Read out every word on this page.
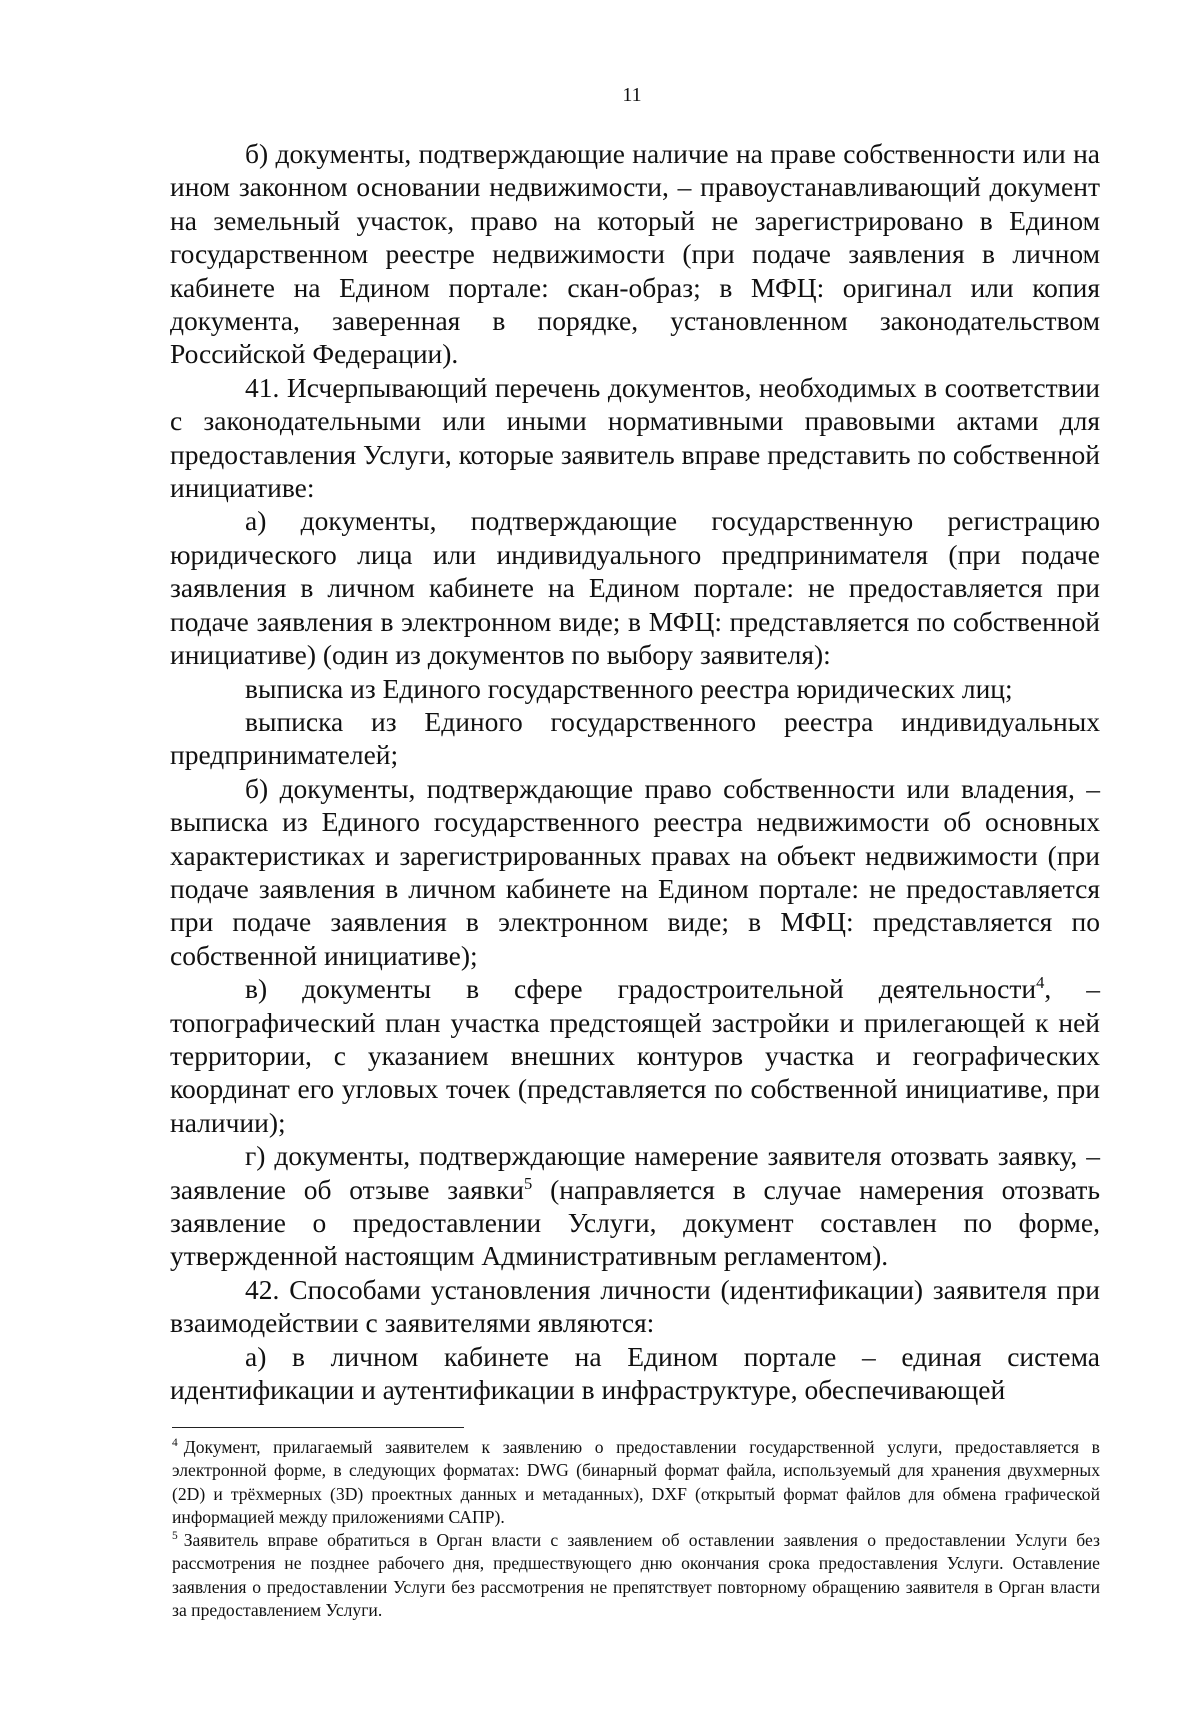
11

б) документы, подтверждающие наличие на праве собственности или на ином законном основании недвижимости, – правоустанавливающий документ на земельный участок, право на который не зарегистрировано в Едином государственном реестре недвижимости (при подаче заявления в личном кабинете на Едином портале: скан-образ; в МФЦ: оригинал или копия документа, заверенная в порядке, установленном законодательством Российской Федерации).

41. Исчерпывающий перечень документов, необходимых в соответствии с законодательными или иными нормативными правовыми актами для предоставления Услуги, которые заявитель вправе представить по собственной инициативе:

а) документы, подтверждающие государственную регистрацию юридического лица или индивидуального предпринимателя (при подаче заявления в личном кабинете на Едином портале: не предоставляется при подаче заявления в электронном виде; в МФЦ: представляется по собственной инициативе) (один из документов по выбору заявителя):

выписка из Единого государственного реестра юридических лиц;

выписка из Единого государственного реестра индивидуальных предпринимателей;

б) документы, подтверждающие право собственности или владения, – выписка из Единого государственного реестра недвижимости об основных характеристиках и зарегистрированных правах на объект недвижимости (при подаче заявления в личном кабинете на Едином портале: не предоставляется при подаче заявления в электронном виде; в МФЦ: представляется по собственной инициативе);

в) документы в сфере градостроительной деятельности$^4$, – топографический план участка предстоящей застройки и прилегающей к ней территории, с указанием внешних контуров участка и географических координат его угловых точек (представляется по собственной инициативе, при наличии);

г) документы, подтверждающие намерение заявителя отозвать заявку, – заявление об отзыве заявки$^5$ (направляется в случае намерения отозвать заявление о предоставлении Услуги, документ составлен по форме, утвержденной настоящим Административным регламентом).

42. Способами установления личности (идентификации) заявителя при взаимодействии с заявителями являются:

а) в личном кабинете на Едином портале – единая система идентификации и аутентификации в инфраструктуре, обеспечивающей

$^4$ Документ, прилагаемый заявителем к заявлению о предоставлении государственной услуги, предоставляется в электронной форме, в следующих форматах: DWG (бинарный формат файла, используемый для хранения двухмерных (2D) и трёхмерных (3D) проектных данных и метаданных), DXF (открытый формат файлов для обмена графической информацией между приложениями САПР).

$^5$ Заявитель вправе обратиться в Орган власти с заявлением об оставлении заявления о предоставлении Услуги без рассмотрения не позднее рабочего дня, предшествующего дню окончания срока предоставления Услуги. Оставление заявления о предоставлении Услуги без рассмотрения не препятствует повторному обращению заявителя в Орган власти за предоставлением Услуги.
